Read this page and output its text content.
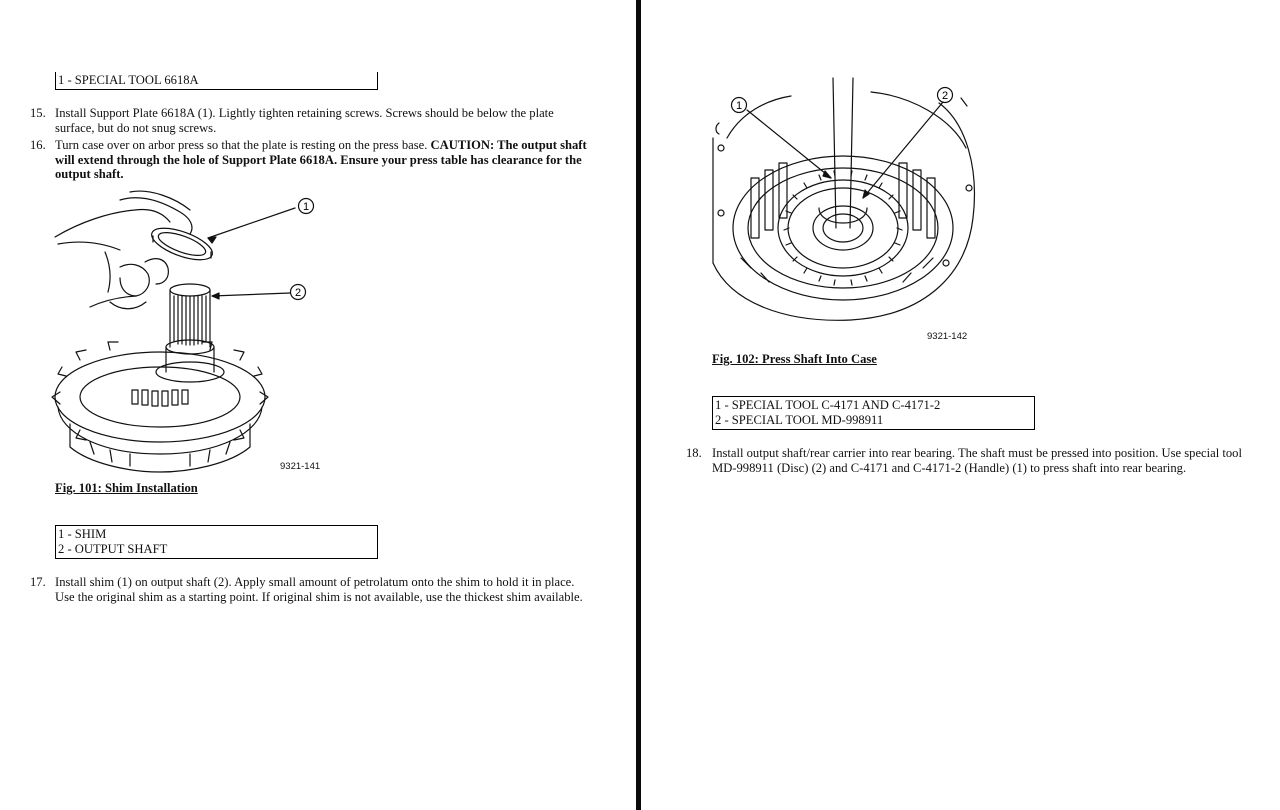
1 - SPECIAL TOOL 6618A
15. Install Support Plate 6618A (1). Lightly tighten retaining screws. Screws should be below the plate
surface, but do not snug screws.
16. Turn case over on arbor press so that the plate is resting on the press base. CAUTION: The output shaft
will extend through the hole of Support Plate 6618A. Ensure your press table has clearance for the
output shaft.
1
2
9321-141
Fig. 101: Shim Installation
1 - SHIM
2 - OUTPUT SHAFT
17. Install shim (1) on output shaft (2). Apply small amount of petrolatum onto the shim to hold it in place.
Use the original shim as a starting point. If original shim is not available, use the thickest shim available.
1
2
9321-142
Fig. 102: Press Shaft Into Case
1 - SPECIAL TOOL C-4171 AND C-4171-2
2 - SPECIAL TOOL MD-998911
18. Install output shaft/rear carrier into rear bearing. The shaft must be pressed into position. Use special tool
MD-998911 (Disc) (2) and C-4171 and C-4171-2 (Handle) (1) to press shaft into rear bearing.
